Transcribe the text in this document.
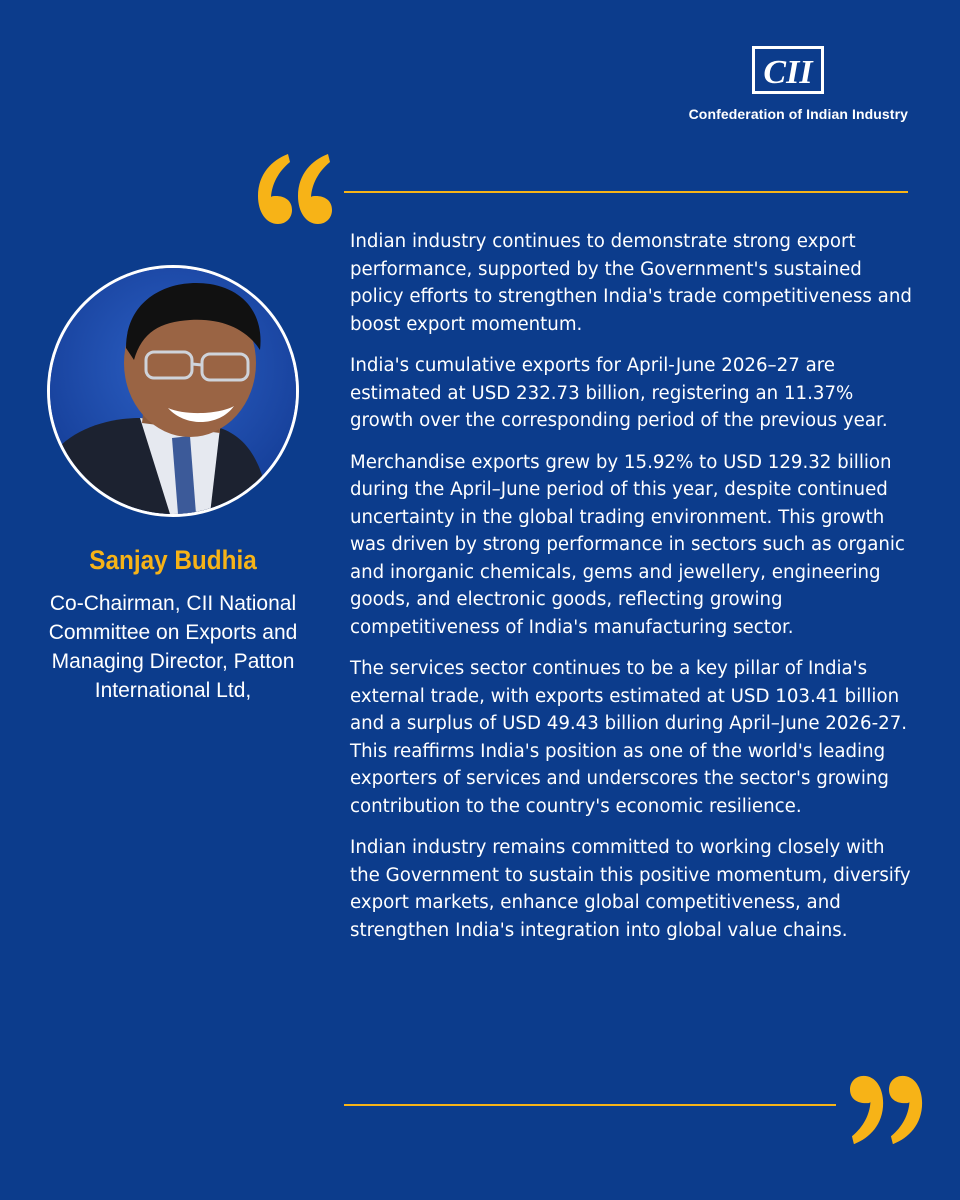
CII
Confederation of Indian Industry
Sanjay Budhia
Co-Chairman, CII National Committee on Exports and Managing Director, Patton International Ltd,

Indian industry continues to demonstrate strong export performance, supported by the Government's sustained policy efforts to strengthen India's trade competitiveness and boost export momentum.

India's cumulative exports for April-June 2026–27 are estimated at USD 232.73 billion, registering an 11.37% growth over the corresponding period of the previous year.

Merchandise exports grew by 15.92% to USD 129.32 billion during the April–June period of this year, despite continued uncertainty in the global trading environment. This growth was driven by strong performance in sectors such as organic and inorganic chemicals, gems and jewellery, engineering goods, and electronic goods, reflecting growing competitiveness of India's manufacturing sector.

The services sector continues to be a key pillar of India's external trade, with exports estimated at USD 103.41 billion and a surplus of USD 49.43 billion during April–June 2026-27. This reaffirms India's position as one of the world's leading exporters of services and underscores the sector's growing contribution to the country's economic resilience.

Indian industry remains committed to working closely with the Government to sustain this positive momentum, diversify export markets, enhance global competitiveness, and strengthen India's integration into global value chains.
